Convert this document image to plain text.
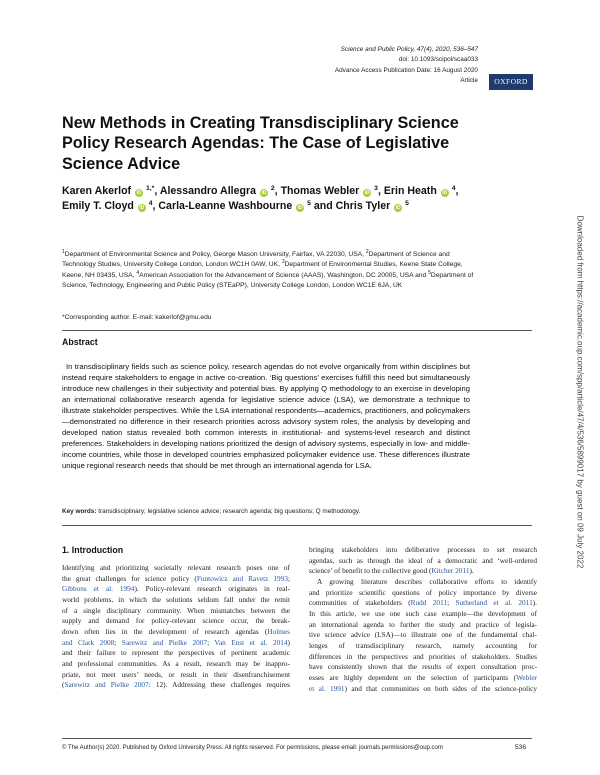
Science and Public Policy, 47(4), 2020, 536–547
doi: 10.1093/scipol/scaa033
Advance Access Publication Date: 16 August 2020
Article	OXFORD
New Methods in Creating Transdisciplinary Science Policy Research Agendas: The Case of Legislative Science Advice
Karen Akerlof iD $^{1,*}$, Alessandro Allegra iD $^2$, Thomas Webler iD $^3$, Erin Heath iD $^4$, Emily T. Cloyd iD $^4$, Carla-Leanne Washbourne iD $^5$ and Chris Tyler iD $^5$
$^1$Department of Environmental Science and Policy, George Mason University, Fairfax, VA 22030, USA, $^2$Department of Science and Technology Studies, University College London, London WC1H 0AW, UK, $^3$Department of Environmental Studies, Keene State College, Keene, NH 03435, USA, $^4$American Association for the Advancement of Science (AAAS), Washington, DC 20005, USA and $^5$Department of Science, Technology, Engineering and Public Policy (STEaPP), University College London, London WC1E 6JA, UK
*Corresponding author. E-mail: kakerlof@gmu.edu
Abstract

In transdisciplinary fields such as science policy, research agendas do not evolve organically from within disciplines but instead require stakeholders to engage in active co-creation. ‘Big questions’ exercises fulfill this need but simultaneously introduce new challenges in their subjectivity and potential bias. By applying Q methodology to an exercise in developing an international collaborative research agenda for legislative science advice (LSA), we demonstrate a technique to illustrate stakeholder perspectives. While the LSA international respondents—academics, practitioners, and policymakers—demonstrated no difference in their research priorities across advisory system roles, the analysis by developing and developed nation status revealed both common interests in institutional- and systems-level research and distinct preferences. Stakeholders in developing nations prioritized the design of advisory systems, especially in low- and middle-income countries, while those in developed countries emphasized policymaker evidence use. These differences illustrate unique regional research needs that should be met through an international agenda for LSA.

Key words: transdisciplinary; legislative science advice; research agenda; big questions; Q methodology.
1. Introduction
Identifying and prioritizing societally relevant research poses one of
the great challenges for science policy (Funtowicz and Ravetz 1993;
Gibbons et al. 1994). Policy-relevant research originates in real-
world problems, in which the solutions seldom fall under the remit
of a single disciplinary community. When mismatches between the
supply and demand for policy-relevant science occur, the break-
down often lies in the development of research agendas (Holmes
and Clark 2008; Sarewitz and Pielke 2007; Van Enst et al. 2014)
and their failure to represent the perspectives of pertinent academic
and professional communities. As a result, research may be inappro-
priate, not meet users’ needs, or result in their disenfranchisement
(Sarewitz and Pielke 2007: 12). Addressing these challenges requires
bringing stakeholders into deliberative processes to set research
agendas, such as through the ideal of a democratic and ‘well-ordered
science’ of benefit to the collective good (Kitcher 2011).
A growing literature describes collaborative efforts to identify
and prioritize scientific questions of policy importance by diverse
communities of stakeholders (Rudd 2011; Sutherland et al. 2011).
In this article, we use one such case example—the development of
an international agenda to further the study and practice of legisla-
tive science advice (LSA)—to illustrate one of the fundamental chal-
lenges of transdisciplinary research, namely accounting for
differences in the perspectives and priorities of stakeholders. Studies
have consistently shown that the results of expert consultation proc-
esses are highly dependent on the selection of participants (Webler
et al. 1991) and that communities on both sides of the science-policy
© The Author(s) 2020. Published by Oxford University Press. All rights reserved. For permissions, please email: journals.permissions@oup.com	536
Downloaded from https://academic.oup.com/spp/article/47/4/536/5899017 by guest on 09 July 2022
